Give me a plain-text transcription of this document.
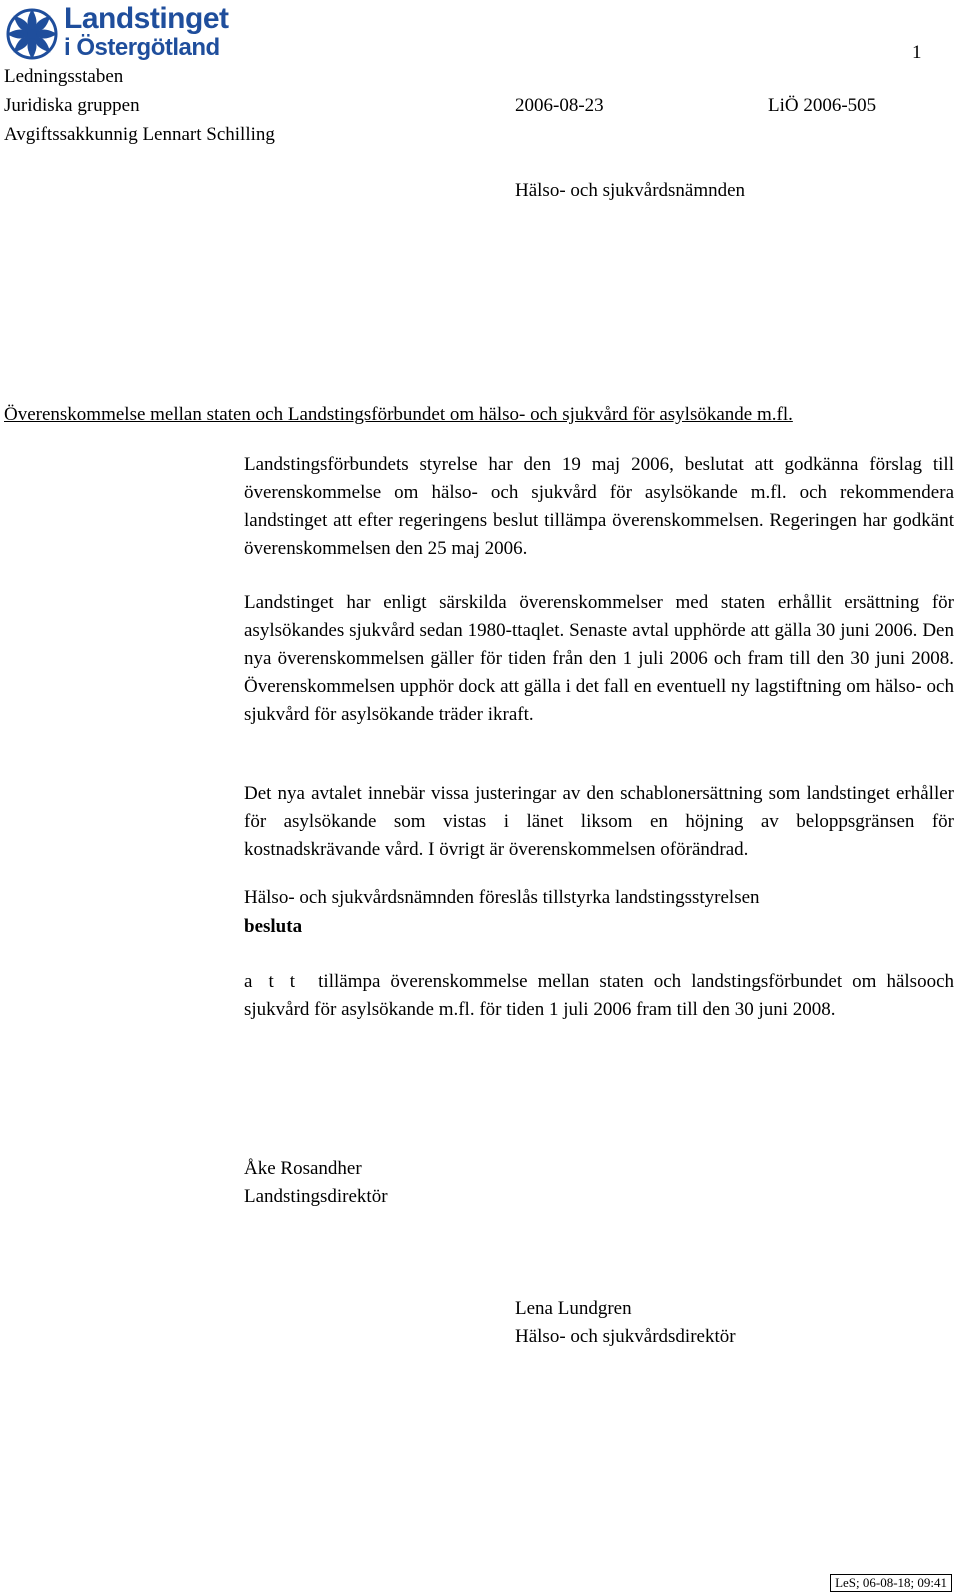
Landstinget
i Östergötland	1
Ledningsstaben
Juridiska gruppen
Avgiftssakkunnig Lennart Schilling
2006-08-23	LiÖ 2006-505
Hälso- och sjukvårdsnämnden
Överenskommelse mellan staten och Landstingsförbundet om hälso- och sjukvård för asylsökande m.fl.
Landstingsförbundets styrelse har den 19 maj 2006, beslutat att godkänna förslag till överenskommelse om hälso- och sjukvård för asylsökande m.fl. och rekommendera landstinget att efter regeringens beslut tillämpa överenskommelsen. Regeringen har godkänt överenskommelsen den 25 maj 2006.
Landstinget har enligt särskilda överenskommelser med staten erhållit ersättning för asylsökandes sjukvård sedan 1980-ttaqlet. Senaste avtal upphörde att gälla 30 juni 2006. Den nya överenskommelsen gäller för tiden från den 1 juli 2006 och fram till den 30 juni 2008. Överenskommelsen upphör dock att gälla i det fall en eventuell ny lagstiftning om hälso- och sjukvård för asylsökande träder ikraft.
Det nya avtalet innebär vissa justeringar av den schablonersättning som landstinget erhåller för asylsökande som vistas i länet liksom en höjning av beloppsgränsen för kostnadskrävande vård. I övrigt är överenskommelsen oförändrad.
Hälso- och sjukvårdsnämnden föreslås tillstyrka landstingsstyrelsen
besluta
a t t tillämpa överenskommelse mellan staten och landstingsförbundet om hälsooch sjukvård för asylsökande m.fl. för tiden 1 juli 2006 fram till den 30 juni 2008.
Åke Rosandher
Landstingsdirektör
Lena Lundgren
Hälso- och sjukvårdsdirektör
LeS; 06-08-18; 09:41
